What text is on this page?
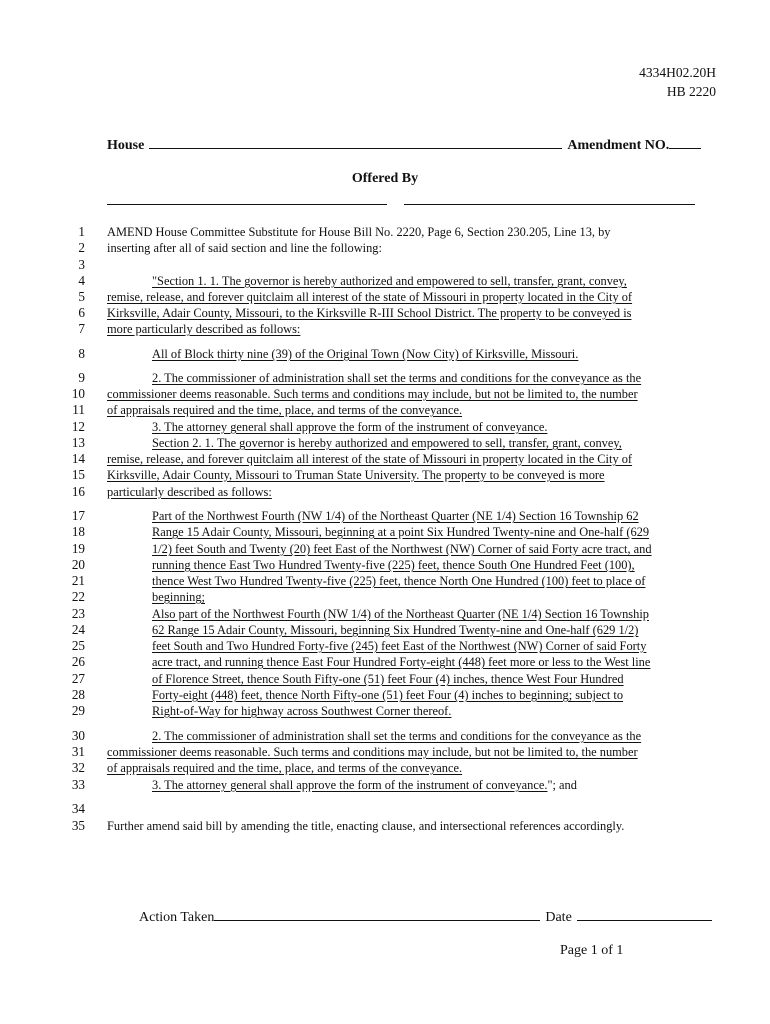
4334H02.20H
HB 2220
House	Amendment NO.
Offered By
1 AMEND House Committee Substitute for House Bill No. 2220, Page 6, Section 230.205, Line 13, by
2 inserting after all of said section and line the following:
3
4	"Section 1. 1. The governor is hereby authorized and empowered to sell, transfer, grant, convey,
5 remise, release, and forever quitclaim all interest of the state of Missouri in property located in the City of
6 Kirksville, Adair County, Missouri, to the Kirksville R-III School District. The property to be conveyed is
7 more particularly described as follows:
8	All of Block thirty nine (39) of the Original Town (Now City) of Kirksville, Missouri.
9	2. The commissioner of administration shall set the terms and conditions for the conveyance as the
10 commissioner deems reasonable. Such terms and conditions may include, but not be limited to, the number
11 of appraisals required and the time, place, and terms of the conveyance.
12	3. The attorney general shall approve the form of the instrument of conveyance.
13	Section 2. 1. The governor is hereby authorized and empowered to sell, transfer, grant, convey,
14 remise, release, and forever quitclaim all interest of the state of Missouri in property located in the City of
15 Kirksville, Adair County, Missouri to Truman State University. The property to be conveyed is more
16 particularly described as follows:
17	Part of the Northwest Fourth (NW 1/4) of the Northeast Quarter (NE 1/4) Section 16 Township 62
18	Range 15 Adair County, Missouri, beginning at a point Six Hundred Twenty-nine and One-half (629
19	1/2) feet South and Twenty (20) feet East of the Northwest (NW) Corner of said Forty acre tract, and
20	running thence East Two Hundred Twenty-five (225) feet, thence South One Hundred Feet (100),
21	thence West Two Hundred Twenty-five (225) feet, thence North One Hundred (100) feet to place of
22	beginning;
23	Also part of the Northwest Fourth (NW 1/4) of the Northeast Quarter (NE 1/4) Section 16 Township
24	62 Range 15 Adair County, Missouri, beginning Six Hundred Twenty-nine and One-half (629 1/2)
25	feet South and Two Hundred Forty-five (245) feet East of the Northwest (NW) Corner of said Forty
26	acre tract, and running thence East Four Hundred Forty-eight (448) feet more or less to the West line
27	of Florence Street, thence South Fifty-one (51) feet Four (4) inches, thence West Four Hundred
28	Forty-eight (448) feet, thence North Fifty-one (51) feet Four (4) inches to beginning; subject to
29	Right-of-Way for highway across Southwest Corner thereof.
30	2. The commissioner of administration shall set the terms and conditions for the conveyance as the
31 commissioner deems reasonable. Such terms and conditions may include, but not be limited to, the number
32 of appraisals required and the time, place, and terms of the conveyance.
33	3. The attorney general shall approve the form of the instrument of conveyance."; and
34
35 Further amend said bill by amending the title, enacting clause, and intersectional references accordingly.
Action Taken	Date
Page 1 of 1
